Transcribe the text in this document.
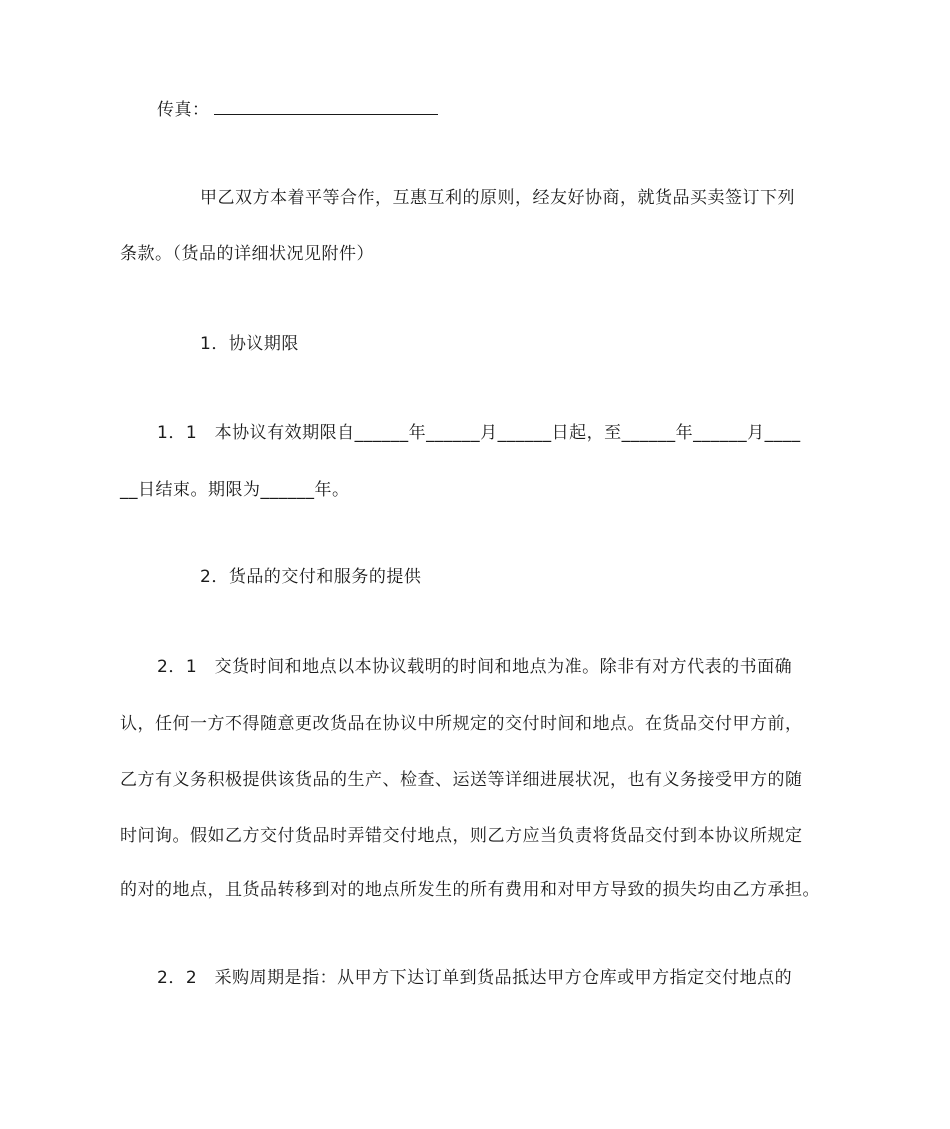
传真：
甲乙双方本着平等合作，互惠互利的原则，经友好协商，就货品买卖签订下列
条款。（货品的详细状况见附件）
1．协议期限
1．1　本协议有效期限自______年______月______日起，至______年______月____
__日结束。期限为______年。
2．货品的交付和服务的提供
2．1　交货时间和地点以本协议载明的时间和地点为准。除非有对方代表的书面确
认，任何一方不得随意更改货品在协议中所规定的交付时间和地点。在货品交付甲方前，
乙方有义务积极提供该货品的生产、检查、运送等详细进展状况，也有义务接受甲方的随
时问询。假如乙方交付货品时弄错交付地点，则乙方应当负责将货品交付到本协议所规定
的对的地点，且货品转移到对的地点所发生的所有费用和对甲方导致的损失均由乙方承担。
2．2　采购周期是指：从甲方下达订单到货品抵达甲方仓库或甲方指定交付地点的
